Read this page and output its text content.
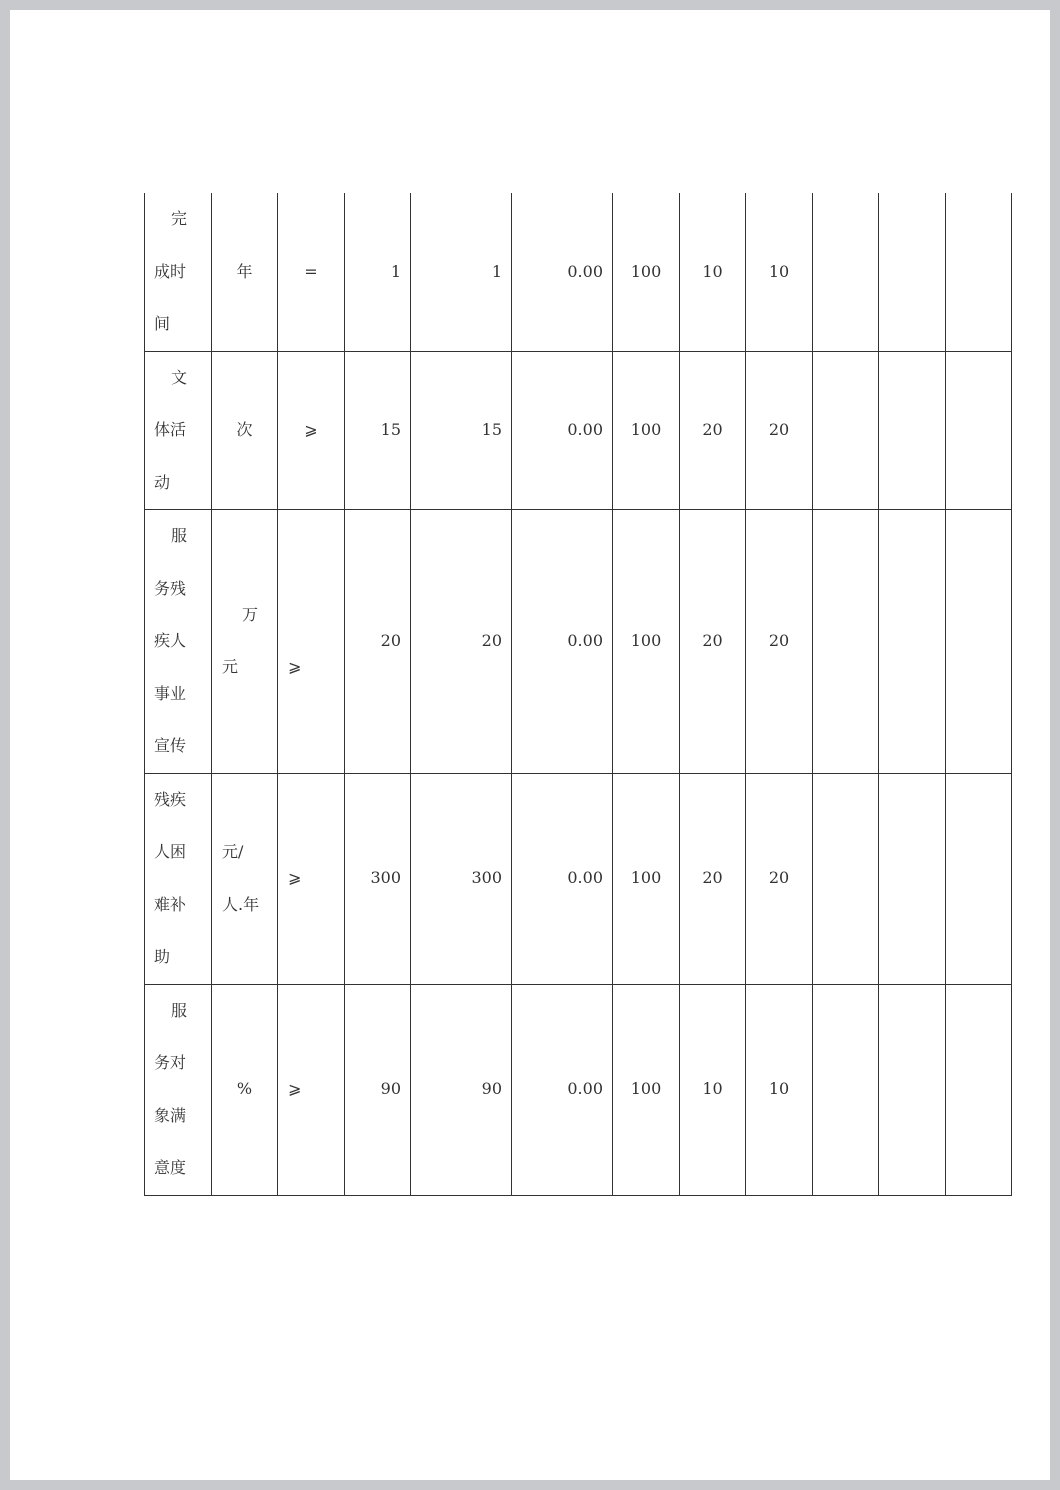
完
成时
间	年	=	1	1	0.00	100	10	10			

文
体活
动	次	⩾	15	15	0.00	100	20	20			

服
务残
疾人
事业
宣传	万
元	⩾	20	20	0.00	100	20	20			

残疾
人困
难补
助	元/
人.年	⩾	300	300	0.00	100	20	20			

服
务对
象满
意度	%	⩾	90	90	0.00	100	10	10			
